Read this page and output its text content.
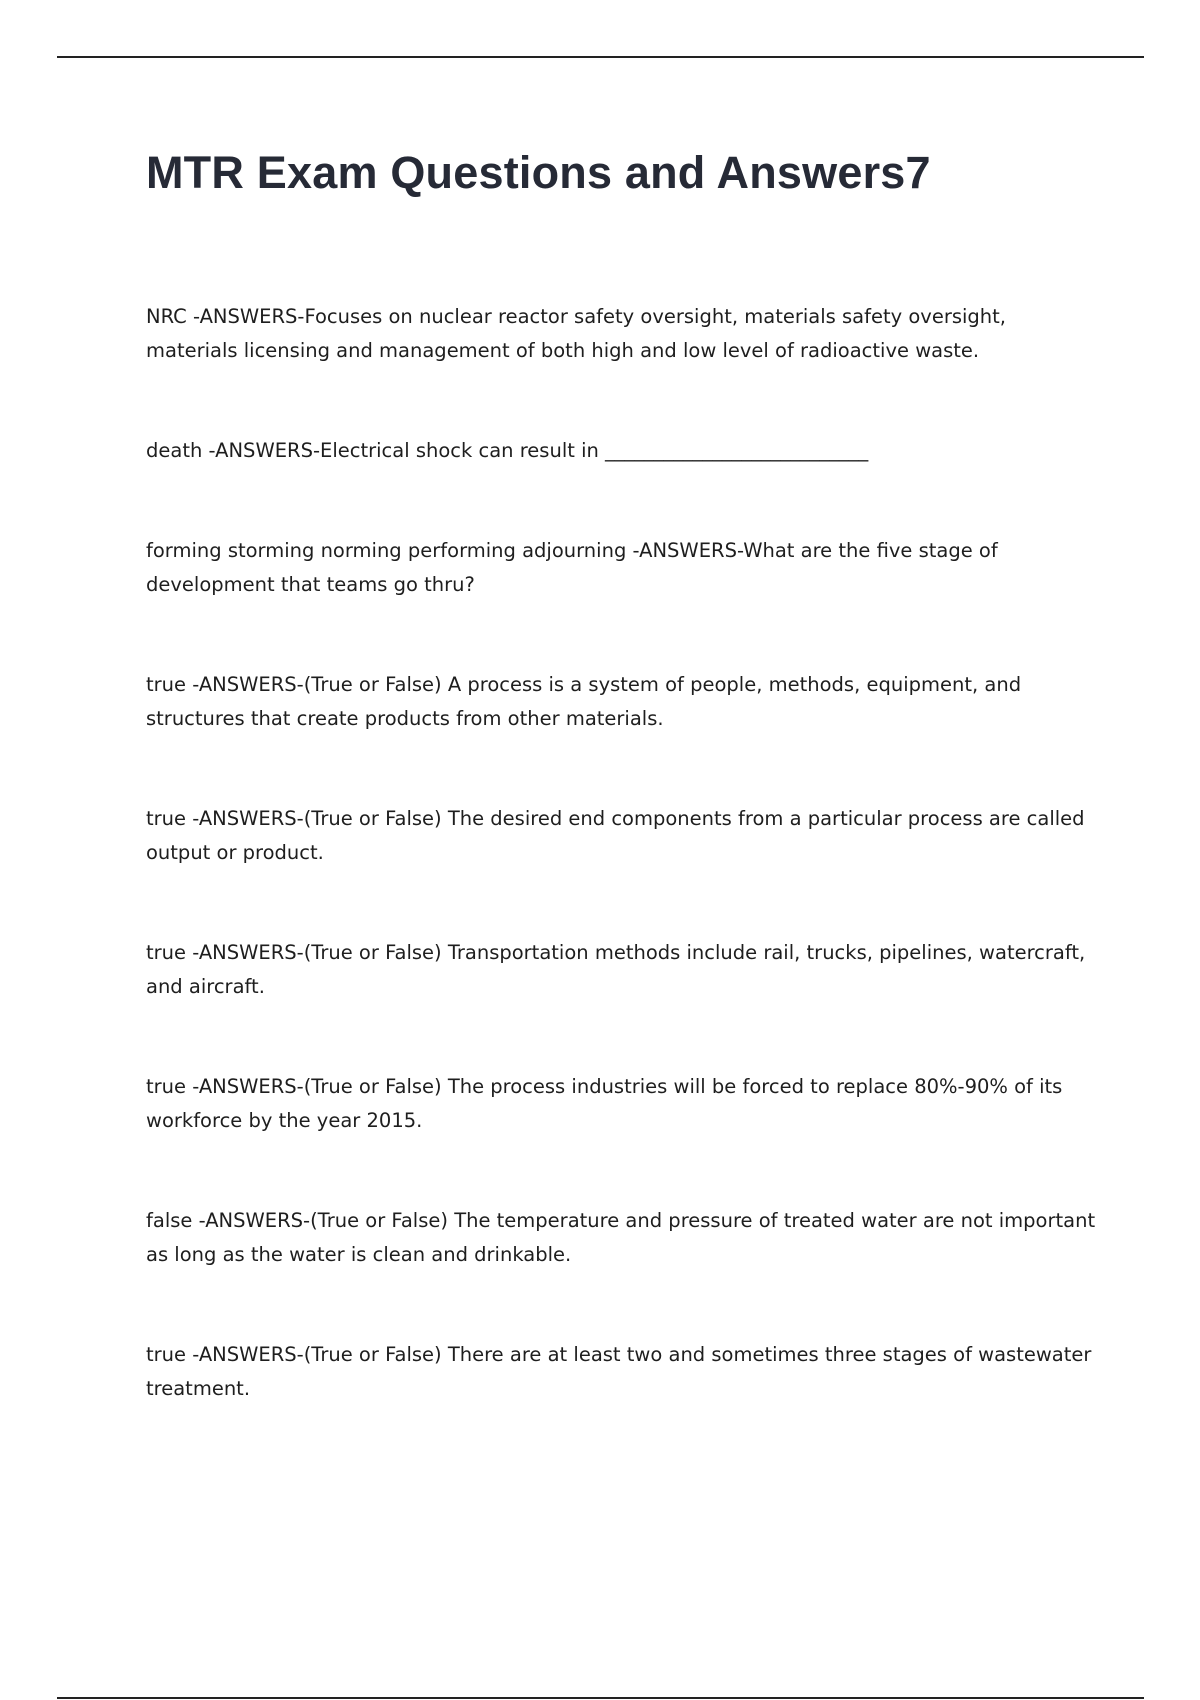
MTR Exam Questions and Answers7

NRC -ANSWERS-Focuses on nuclear reactor safety oversight, materials safety oversight, materials licensing and management of both high and low level of radioactive waste.

death -ANSWERS-Electrical shock can result in ___________________________

forming storming norming performing adjourning -ANSWERS-What are the five stage of development that teams go thru?

true -ANSWERS-(True or False) A process is a system of people, methods, equipment, and structures that create products from other materials.

true -ANSWERS-(True or False) The desired end components from a particular process are called output or product.

true -ANSWERS-(True or False) Transportation methods include rail, trucks, pipelines, watercraft, and aircraft.

true -ANSWERS-(True or False) The process industries will be forced to replace 80%-90% of its workforce by the year 2015.

false -ANSWERS-(True or False) The temperature and pressure of treated water are not important as long as the water is clean and drinkable.

true -ANSWERS-(True or False) There are at least two and sometimes three stages of wastewater treatment.
